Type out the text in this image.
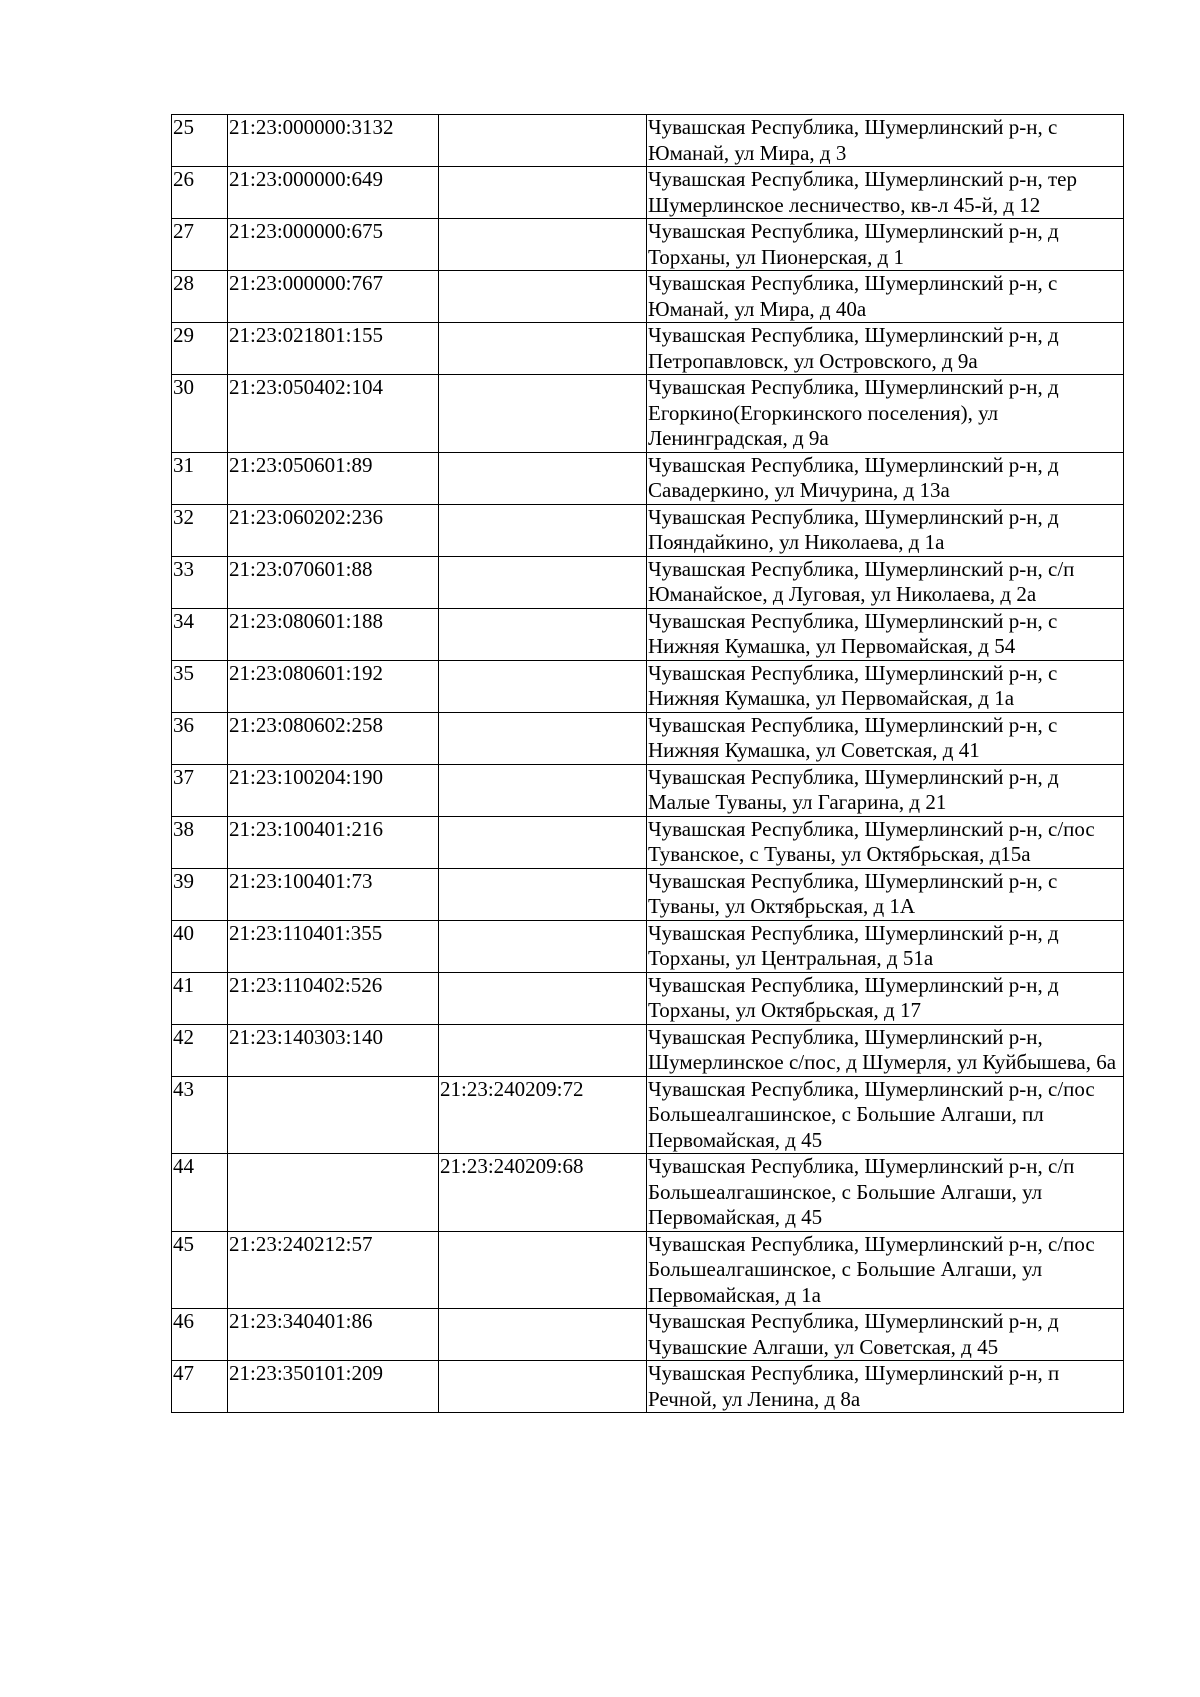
25	21:23:000000:3132		Чувашская Республика, Шумерлинский р-н, с Юманай, ул Мира, д 3
26	21:23:000000:649		Чувашская Республика, Шумерлинский р-н, тер Шумерлинское лесничество, кв-л 45-й, д 12
27	21:23:000000:675		Чувашская Республика, Шумерлинский р-н, д Торханы, ул Пионерская, д 1
28	21:23:000000:767		Чувашская Республика, Шумерлинский р-н, с Юманай, ул Мира, д 40а
29	21:23:021801:155		Чувашская Республика, Шумерлинский р-н, д Петропавловск, ул Островского, д 9а
30	21:23:050402:104		Чувашская Республика, Шумерлинский р-н, д Егоркино(Егоркинского поселения), ул Ленинградская, д 9а
31	21:23:050601:89		Чувашская Республика, Шумерлинский р-н, д Савадеркино, ул Мичурина, д 13а
32	21:23:060202:236		Чувашская Республика, Шумерлинский р-н, д Пояндайкино, ул Николаева, д 1а
33	21:23:070601:88		Чувашская Республика, Шумерлинский р-н, с/п Юманайское, д Луговая, ул Николаева, д 2а
34	21:23:080601:188		Чувашская Республика, Шумерлинский р-н, с Нижняя Кумашка, ул Первомайская, д 54
35	21:23:080601:192		Чувашская Республика, Шумерлинский р-н, с Нижняя Кумашка, ул Первомайская, д 1а
36	21:23:080602:258		Чувашская Республика, Шумерлинский р-н, с Нижняя Кумашка, ул Советская, д 41
37	21:23:100204:190		Чувашская Республика, Шумерлинский р-н, д Малые Туваны, ул Гагарина, д 21
38	21:23:100401:216		Чувашская Республика, Шумерлинский р-н, с/пос Туванское, с Туваны, ул Октябрьская, д15а
39	21:23:100401:73		Чувашская Республика, Шумерлинский р-н, с Туваны, ул Октябрьская, д 1А
40	21:23:110401:355		Чувашская Республика, Шумерлинский р-н, д Торханы, ул Центральная, д 51а
41	21:23:110402:526		Чувашская Республика, Шумерлинский р-н, д Торханы, ул Октябрьская, д 17
42	21:23:140303:140		Чувашская Республика, Шумерлинский р-н, Шумерлинское с/пос, д Шумерля, ул Куйбышева, 6а
43		21:23:240209:72	Чувашская Республика, Шумерлинский р-н, с/пос Большеалгашинское, с Большие Алгаши, пл Первомайская, д 45
44		21:23:240209:68	Чувашская Республика, Шумерлинский р-н, с/п Большеалгашинское, с Большие Алгаши, ул Первомайская, д 45
45	21:23:240212:57		Чувашская Республика, Шумерлинский р-н, с/пос Большеалгашинское, с Большие Алгаши, ул Первомайская, д 1а
46	21:23:340401:86		Чувашская Республика, Шумерлинский р-н, д Чувашские Алгаши, ул Советская, д 45
47	21:23:350101:209		Чувашская Республика, Шумерлинский р-н, п Речной, ул Ленина, д 8а
